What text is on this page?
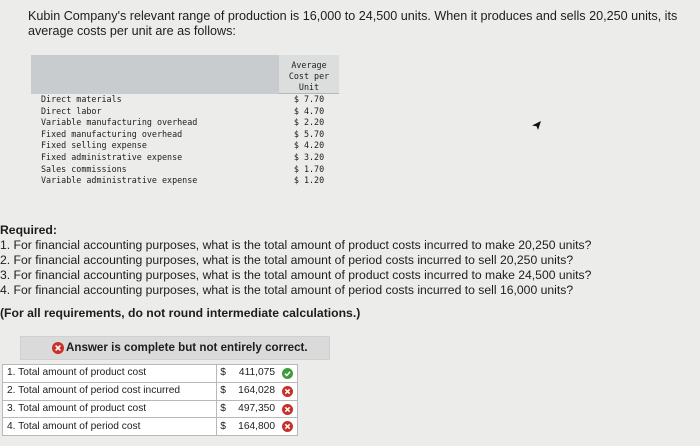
Kubin Company's relevant range of production is 16,000 to 24,500 units. When it produces and sells 20,250 units, its average costs per unit are as follows:

	Average
Cost per
Unit

Direct materials	$ 7.70
Direct labor	$ 4.70
Variable manufacturing overhead	$ 2.20
Fixed manufacturing overhead	$ 5.70
Fixed selling expense	$ 4.20
Fixed administrative expense	$ 3.20
Sales commissions	$ 1.70
Variable administrative expense	$ 1.20
Required:
1. For financial accounting purposes, what is the total amount of product costs incurred to make 20,250 units?
2. For financial accounting purposes, what is the total amount of period costs incurred to sell 20,250 units?
3. For financial accounting purposes, what is the total amount of product costs incurred to make 24,500 units?
4. For financial accounting purposes, what is the total amount of period costs incurred to sell 16,000 units?
(For all requirements, do not round intermediate calculations.)
Answer is complete but not entirely correct.
1. Total amount of product cost	$	411,075

2. Total amount of period cost incurred	$	164,028

3. Total amount of product cost	$	497,350

4. Total amount of period cost	$	164,800
